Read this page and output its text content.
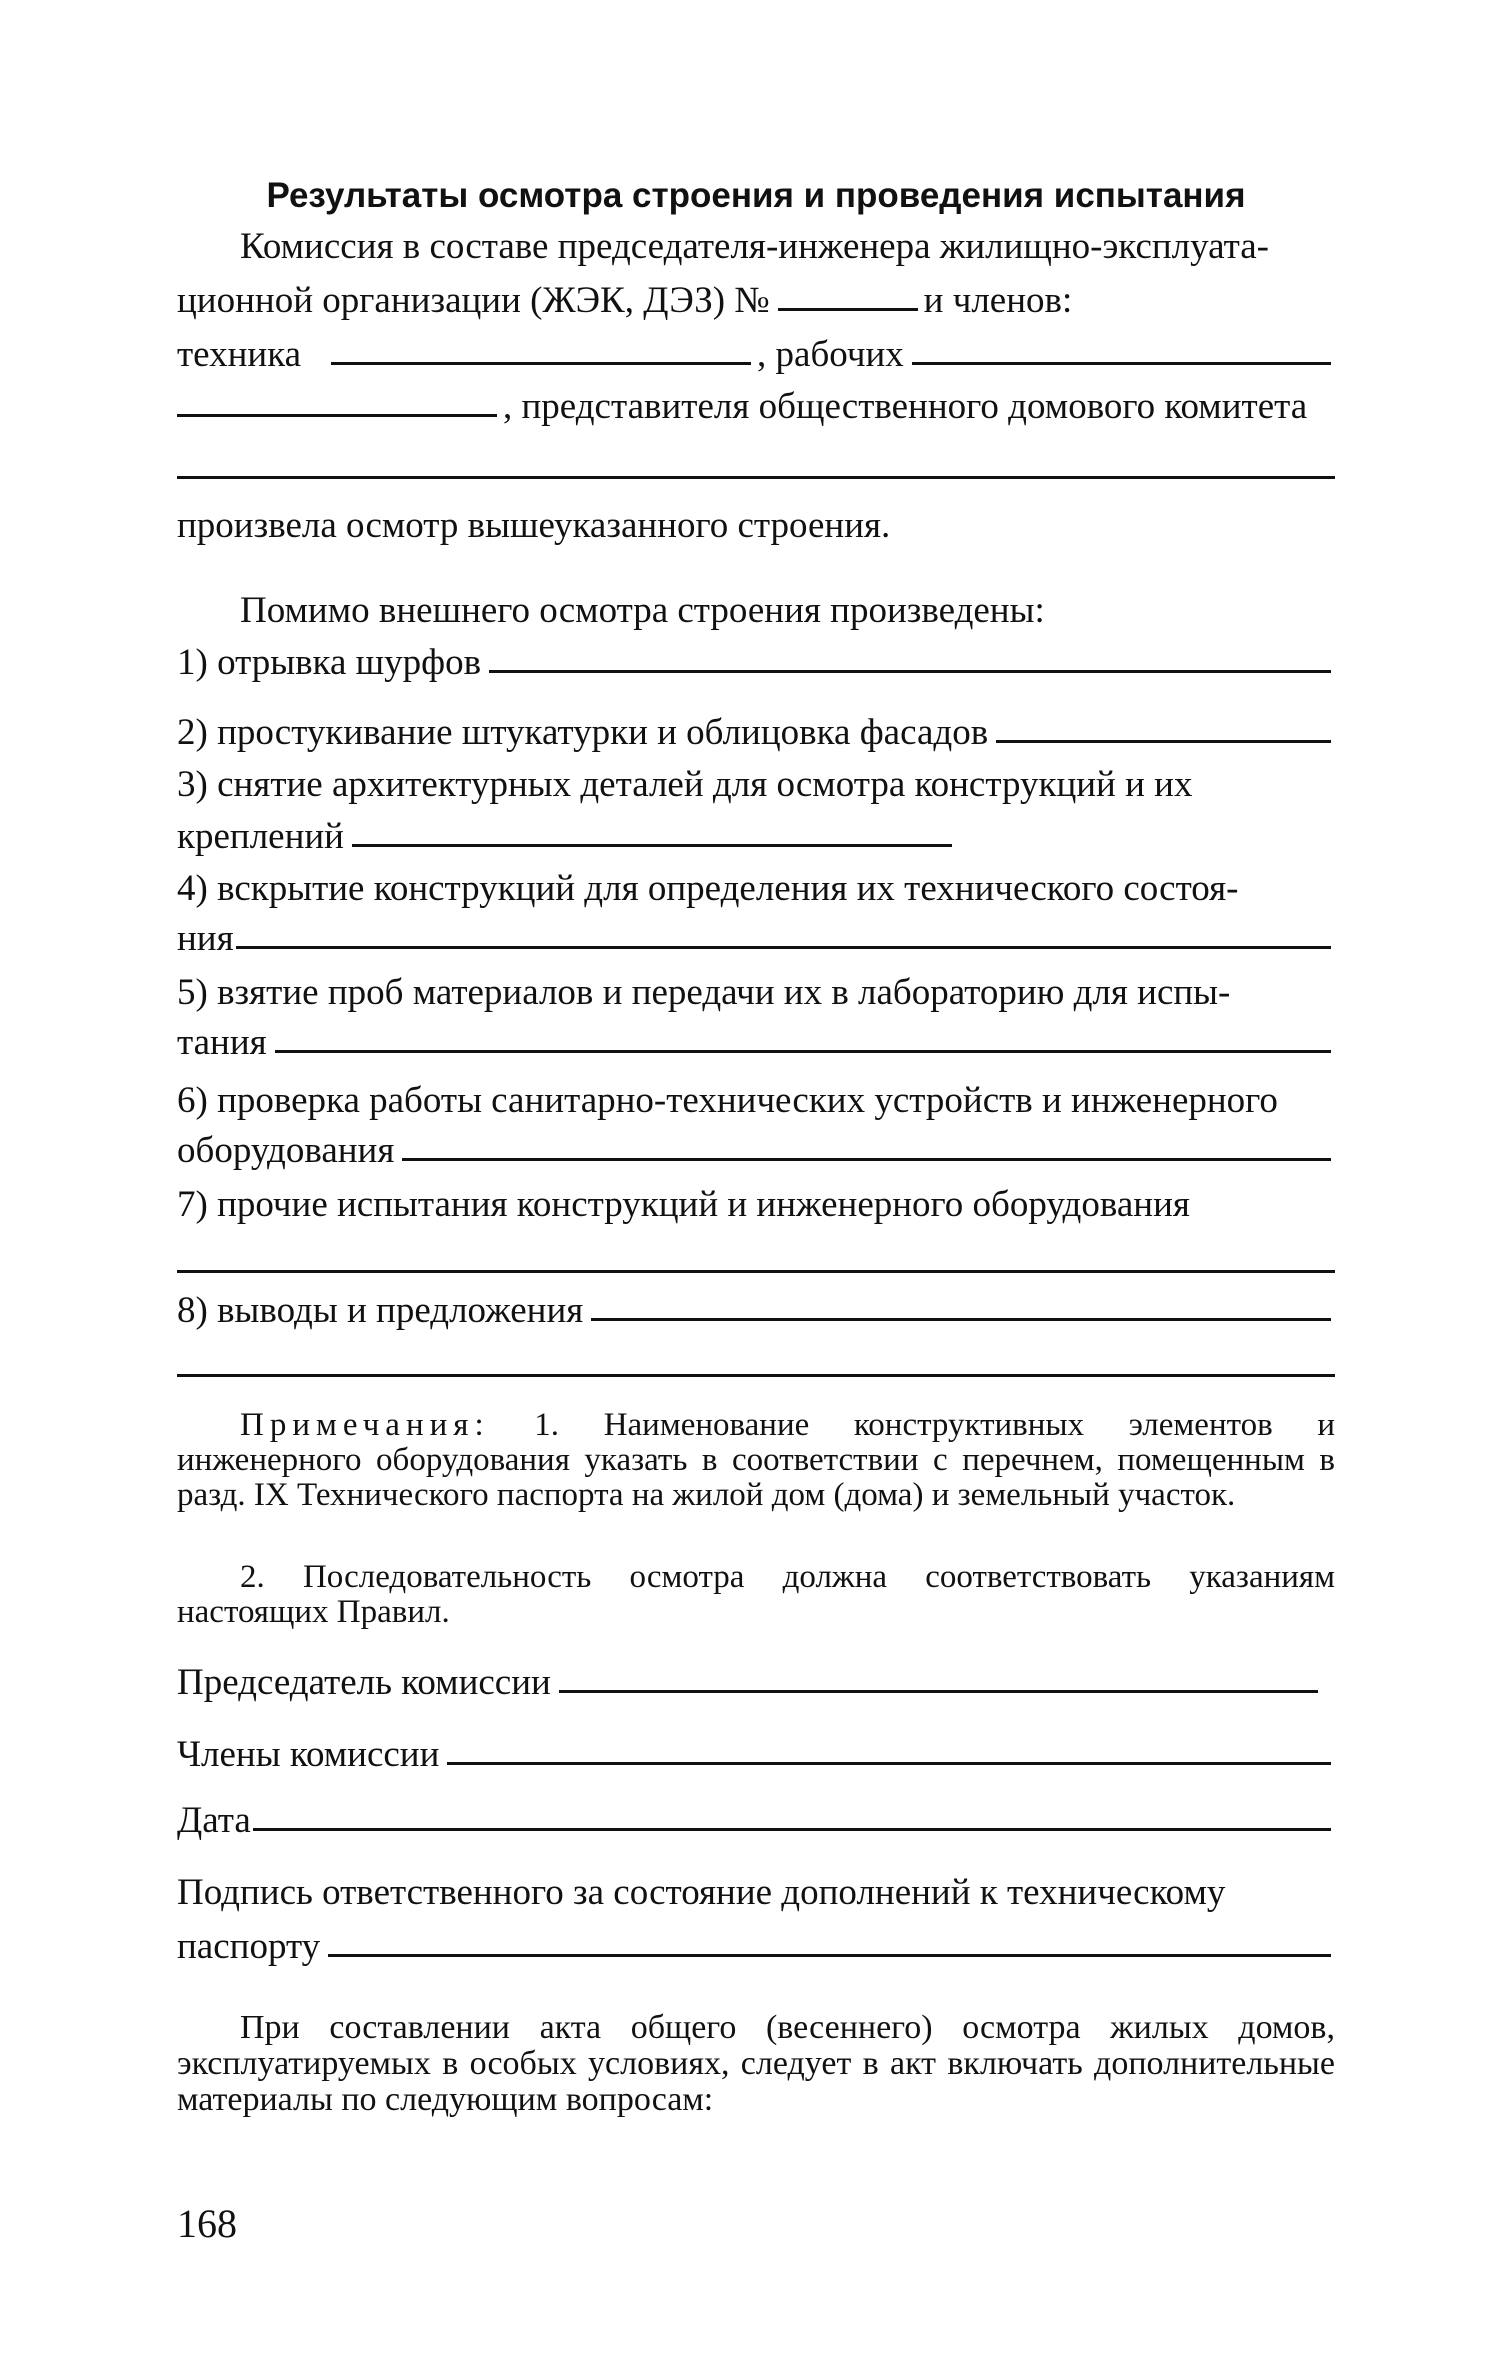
Результаты осмотра строения и проведения испытания
Комиссия в составе председателя-инженера жилищно-эксплуата-
ционной организации (ЖЭК, ДЭЗ) №	и членов:
техника	, рабочих
, представителя общественного домового комитета
произвела осмотр вышеуказанного строения.
Помимо внешнего осмотра строения произведены:
1) отрывка шурфов
2) простукивание штукатурки и облицовка фасадов
3) снятие архитектурных деталей для осмотра конструкций и их
креплений
4) вскрытие конструкций для определения их технического состоя-
ния
5) взятие проб материалов и передачи их в лабораторию для испы-
тания
6) проверка работы санитарно-технических устройств и инженерного
оборудования
7) прочие испытания конструкций и инженерного оборудования
8) выводы и предложения
Примечания: 1. Наименование конструктивных элементов и инженерного оборудования указать в соответствии с перечнем, помещенным в разд. IX Технического паспорта на жилой дом (дома) и земельный участок.
2. Последовательность осмотра должна соответствовать указаниям настоящих Правил.
Председатель комиссии
Члены комиссии
Дата
Подпись ответственного за состояние дополнений к техническому
паспорту
При составлении акта общего (весеннего) осмотра жилых домов, эксплуатируемых в особых условиях, следует в акт включать дополнительные материалы по следующим вопросам:
168
